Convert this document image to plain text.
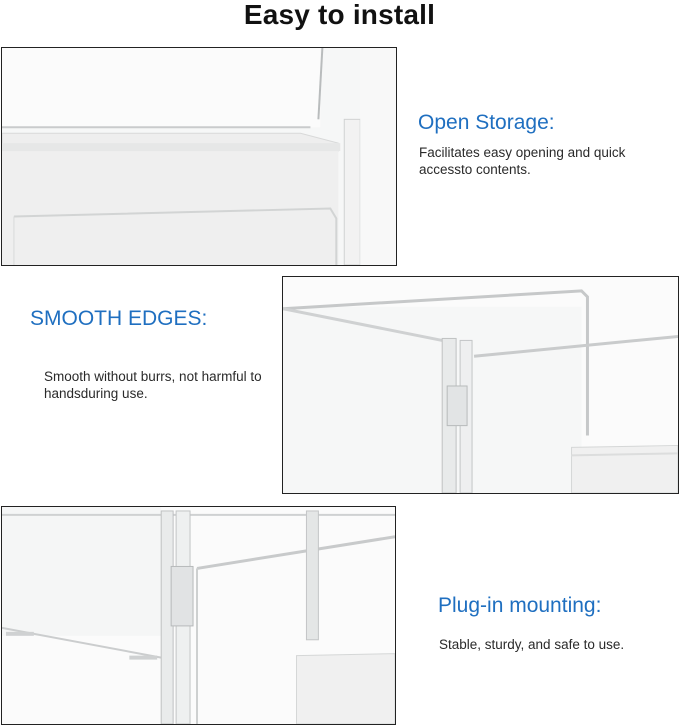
Easy to install
Open Storage:
Facilitates easy opening and quick accessto contents.
SMOOTH EDGES:
Smooth without burrs, not harmful to handsduring use.
Plug-in mounting:
Stable, sturdy, and safe to use.
